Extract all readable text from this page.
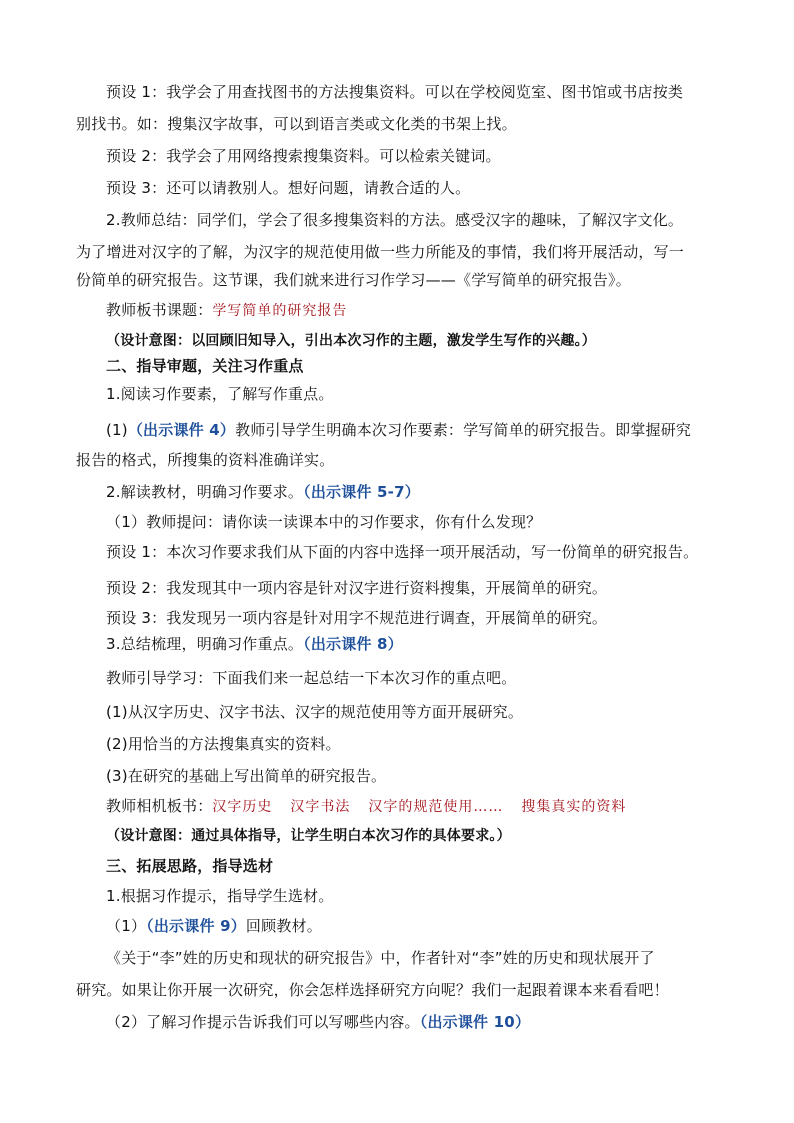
预设 1：我学会了用查找图书的方法搜集资料。可以在学校阅览室、图书馆或书店按类
别找书。如：搜集汉字故事，可以到语言类或文化类的书架上找。
预设 2：我学会了用网络搜索搜集资料。可以检索关键词。
预设 3：还可以请教别人。想好问题，请教合适的人。
2.教师总结：同学们，学会了很多搜集资料的方法。感受汉字的趣味，了解汉字文化。
为了增进对汉字的了解，为汉字的规范使用做一些力所能及的事情，我们将开展活动，写一
份简单的研究报告。这节课，我们就来进行习作学习——《学写简单的研究报告》。
教师板书课题：学写简单的研究报告
（设计意图：以回顾旧知导入，引出本次习作的主题，激发学生写作的兴趣。）
二、指导审题，关注习作重点
1.阅读习作要素，了解写作重点。
(1)（出示课件 4）教师引导学生明确本次习作要素：学写简单的研究报告。即掌握研究
报告的格式，所搜集的资料准确详实。
2.解读教材，明确习作要求。（出示课件 5-7）
（1）教师提问：请你读一读课本中的习作要求，你有什么发现？
预设 1：本次习作要求我们从下面的内容中选择一项开展活动，写一份简单的研究报告。
预设 2：我发现其中一项内容是针对汉字进行资料搜集，开展简单的研究。
预设 3：我发现另一项内容是针对用字不规范进行调查，开展简单的研究。
3.总结梳理，明确习作重点。（出示课件 8）
教师引导学习：下面我们来一起总结一下本次习作的重点吧。
(1)从汉字历史、汉字书法、汉字的规范使用等方面开展研究。
(2)用恰当的方法搜集真实的资料。
(3)在研究的基础上写出简单的研究报告。
教师相机板书：汉字历史 汉字书法 汉字的规范使用…… 搜集真实的资料
（设计意图：通过具体指导，让学生明白本次习作的具体要求。）
三、拓展思路，指导选材
1.根据习作提示，指导学生选材。
（1）（出示课件 9）回顾教材。
《关于“李”姓的历史和现状的研究报告》中，作者针对“李”姓的历史和现状展开了
研究。如果让你开展一次研究，你会怎样选择研究方向呢？我们一起跟着课本来看看吧！
（2）了解习作提示告诉我们可以写哪些内容。（出示课件 10）
